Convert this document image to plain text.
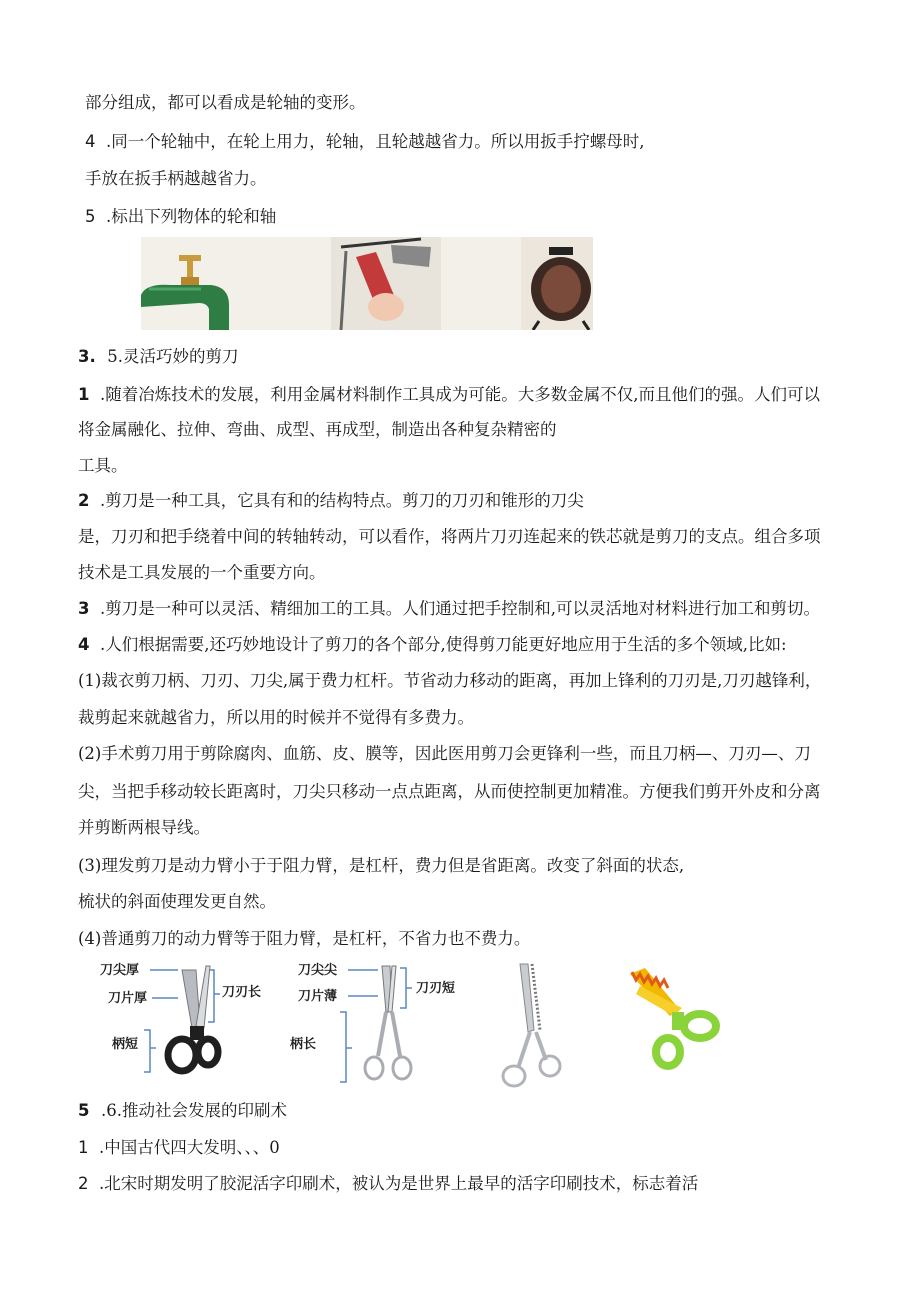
部分组成，都可以看成是轮轴的变形。
4 .同一个轮轴中，在轮上用力，轮轴，且轮越越省力。所以用扳手拧螺母时,
手放在扳手柄越越省力。
5 .标出下列物体的轮和轴
3. 5.灵活巧妙的剪刀
1 .随着冶炼技术的发展，利用金属材料制作工具成为可能。大多数金属不仅,而且他们的强。人们可以
将金属融化、拉伸、弯曲、成型、再成型，制造出各种复杂精密的
工具。
2 .剪刀是一种工具，它具有和的结构特点。剪刀的刀刃和锥形的刀尖
是，刀刃和把手绕着中间的转轴转动，可以看作，将两片刀刃连起来的铁芯就是剪刀的支点。组合多项
技术是工具发展的一个重要方向。
3 .剪刀是一种可以灵活、精细加工的工具。人们通过把手控制和,可以灵活地对材料进行加工和剪切。
4 .人们根据需要,还巧妙地设计了剪刀的各个部分,使得剪刀能更好地应用于生活的多个领域,比如:
(1)裁衣剪刀柄、刀刃、刀尖,属于费力杠杆。节省动力移动的距离，再加上锋利的刀刃是,刀刃越锋利，
裁剪起来就越省力，所以用的时候并不觉得有多费力。
(2)手术剪刀用于剪除腐肉、血筋、皮、膜等，因此医用剪刀会更锋利一些，而且刀柄—、刀刃—、刀
尖，当把手移动较长距离时，刀尖只移动一点点距离，从而使控制更加精准。方便我们剪开外皮和分离
并剪断两根导线。
(3)理发剪刀是动力臂小于于阻力臂，是杠杆，费力但是省距离。改变了斜面的状态,
梳状的斜面使理发更自然。
(4)普通剪刀的动力臂等于阻力臂，是杠杆，不省力也不费力。
刀尖厚
刀片厚	刀刃长
柄短
刀尖尖
刀片薄
刀刃短
柄长
5 .6.推动社会发展的印刷术
1 .中国古代四大发明、、、0
2 .北宋时期发明了胶泥活字印刷术，被认为是世界上最早的活字印刷技术，标志着活
